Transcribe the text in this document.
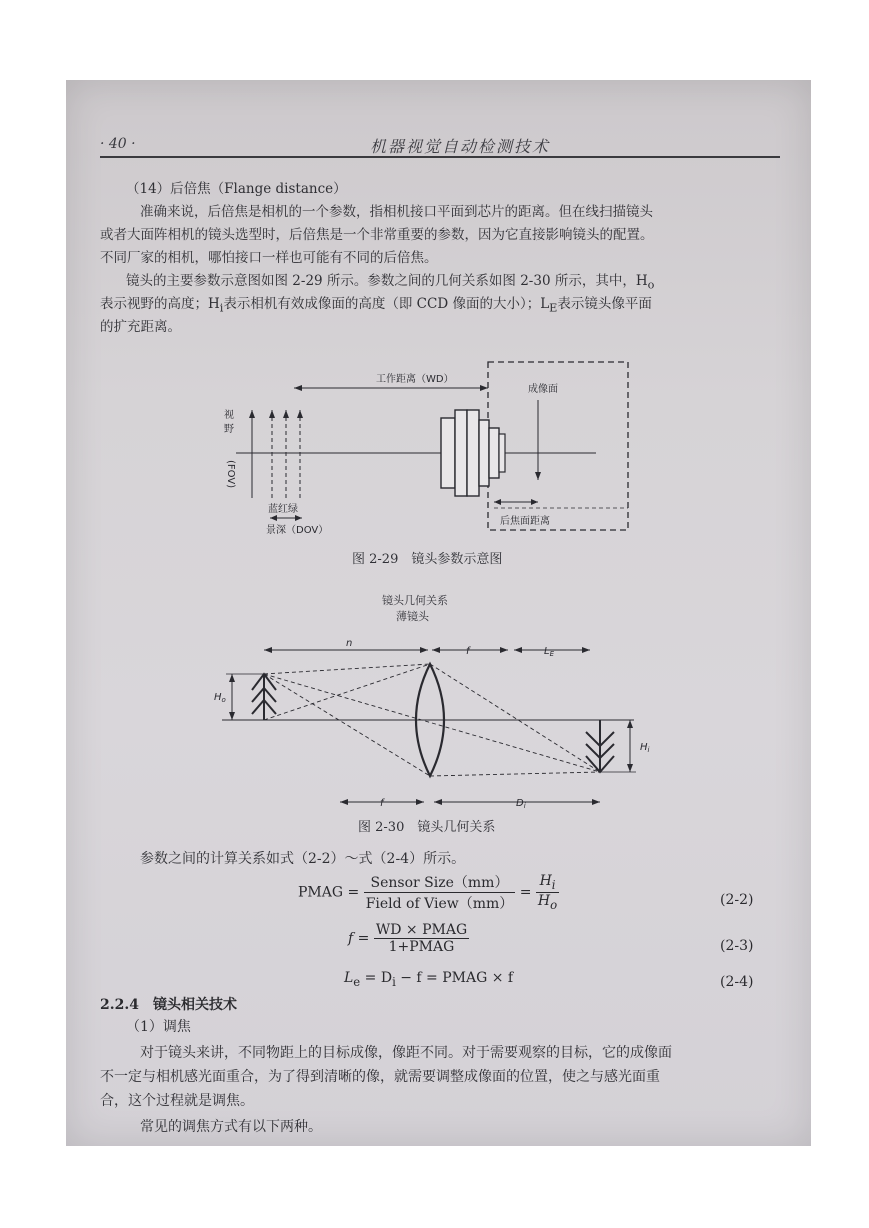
· 40 ·	机器视觉自动检测技术
（14）后倍焦（Flange distance）
准确来说，后倍焦是相机的一个参数，指相机接口平面到芯片的距离。但在线扫描镜头
或者大面阵相机的镜头选型时，后倍焦是一个非常重要的参数，因为它直接影响镜头的配置。
不同厂家的相机，哪怕接口一样也可能有不同的后倍焦。
镜头的主要参数示意图如图 2-29 所示。参数之间的几何关系如图 2-30 所示，其中，$H_o$
表示视野的高度；$H_i$表示相机有效成像面的高度（即 CCD 像面的大小）；$L_E$表示镜头像平面
的扩充距离。
工作距离（WD）
成像面
视
野
(FOV)
蓝红绿
景深（DOV）
后焦面距离
图 2-29　镜头参数示意图
镜头几何关系
薄镜头
n
f	$L_E$
$H_o$
$H_i$
f	$D_i$
图 2-30　镜头几何关系
参数之间的计算关系如式（2-2）～式（2-4）所示。
PMAG = $\frac{\text{Sensor Size（mm）}}{\text{Field of View（mm）}} = \frac{H_i}{H_o}$	(2-2)
$f = \frac{\text{WD × PMAG}}{\text{1+PMAG}}$	(2-3)
$L_e = D_i - f$ = PMAG × f	(2-4)
2.2.4　镜头相关技术
（1）调焦
对于镜头来讲，不同物距上的目标成像，像距不同。对于需要观察的目标，它的成像面
不一定与相机感光面重合，为了得到清晰的像，就需要调整成像面的位置，使之与感光面重
合，这个过程就是调焦。
常见的调焦方式有以下两种。
